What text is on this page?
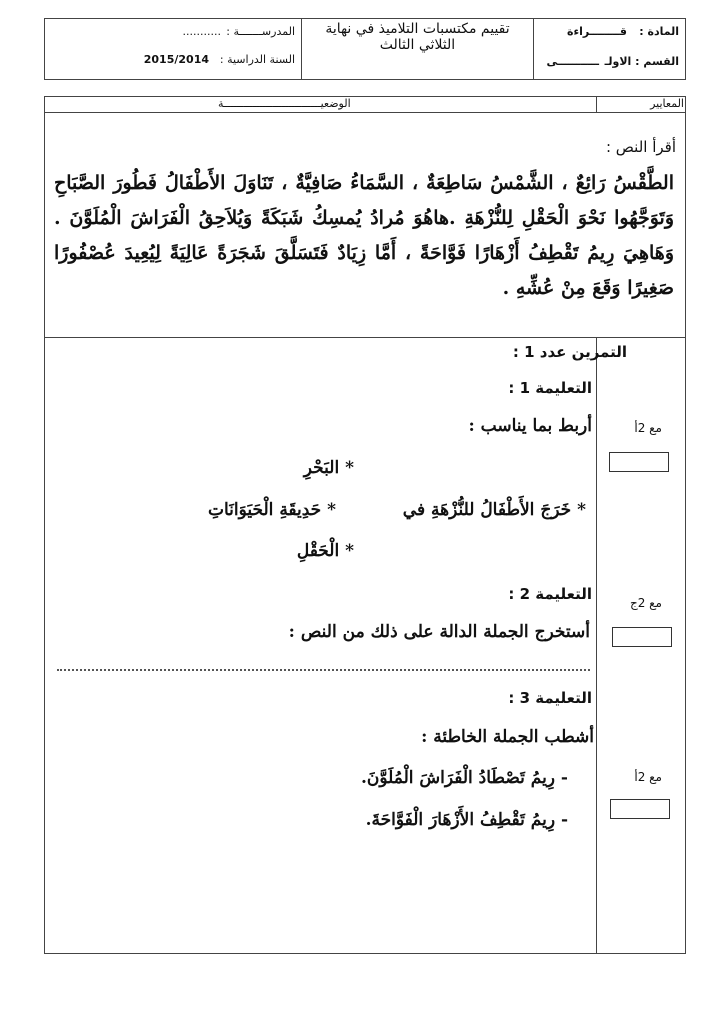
المادة :
قــــــــراءة
القسم : الاولـ
ـــــــــــى
تقييم مكتسبات التلاميذ في نهاية
الثلاثي الثالث
المدرســـــــة :
...........
السنة الدراسية :
2015/2014
المعايير
الوضعيــــــــــــــــــــــــــــــة
أقرأ النص :
الطَّقْسُ رَائِعٌ ، الشَّمْسُ سَاطِعَةٌ ، السَّمَاءُ صَافِيَّةٌ ، تَنَاوَلَ الأَطْفَالُ فَطُورَ الصَّبَاحِ وَتَوَجَّهُوا نَحْوَ الْحَقْلِ لِلنُّزْهَةِ .هاهُوَ مُرادُ يُمسِكُ شَبَكَةً وَيُلاَحِقُ الْفَرَاشَ الْمُلَوَّنَ . وَهَاهِيَ رِيمُ تَقْطِفُ أَزْهَارًا فَوَّاحَةً ، أَمَّا زِيَادٌ فَتَسَلَّقَ شَجَرَةً عَالِيَةً لِيُعِيدَ عُصْفُورًا صَغِيرًا وَقَعَ مِنْ عُشِّهِ .
التمرين عدد 1 :
التعليمة 1 :
أربط بما يناسب :
* البَحْرِ
* خَرَجَ الأَطْفَالُ للنُّزْهَةِ في
* حَدِيقَةِ الْحَيَوَانَاتِ
* الْحَقْلِ
التعليمة 2 :
أستخرج الجملة الدالة على ذلك من النص :
التعليمة 3 :
أشطب الجملة الخاطئة :
- رِيمُ تَصْطَادُ الْفَرَاشَ الْمُلَوَّنَ.
- رِيمُ تَقْطِفُ الأَزْهَارَ الْفَوَّاحَةَ.
مع 2أ
مع 2ج
مع 2أ
